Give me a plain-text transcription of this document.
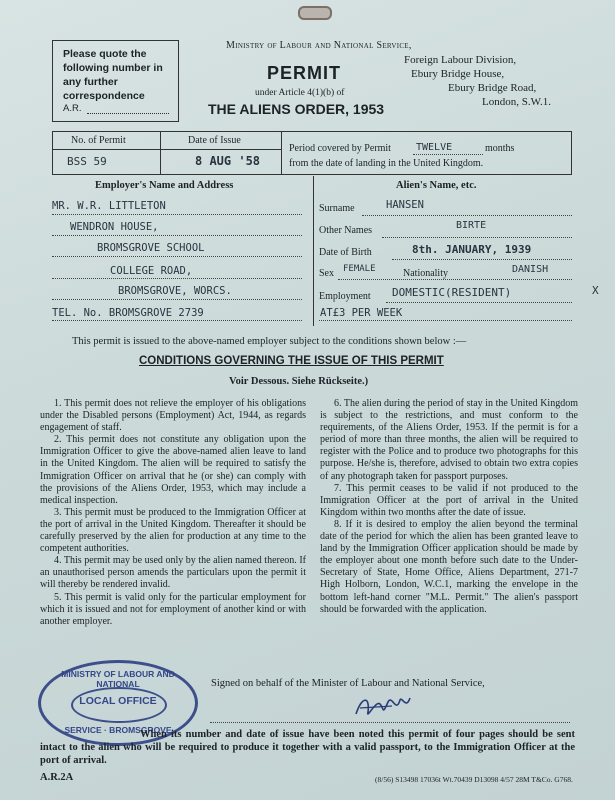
Please quote the following number in any further correspondence
A.R.
Ministry of Labour and National Service,
Foreign Labour Division,
Ebury Bridge House,
Ebury Bridge Road,
London, S.W.1.
PERMIT
under Article 4(1)(b) of
THE ALIENS ORDER, 1953
No. of Permit	Date of Issue
BSS 59	8 AUG '58
Period covered by Permit	TWELVE	months
from the date of landing in the United Kingdom.
Employer's Name and Address
MR. W.R. LITTLETON
WENDRON HOUSE,
BROMSGROVE SCHOOL
COLLEGE ROAD,
BROMSGROVE, WORCS.
TEL. No. BROMSGROVE 2739
Alien's Name, etc.
Surname	HANSEN
Other Names	BIRTE
Date of Birth	8th. JANUARY, 1939
Sex FEMALE	Nationality	DANISH
Employment DOMESTIC(RESIDENT)	X
AT£3 PER WEEK
This permit is issued to the above-named employer subject to the conditions shown below :—
CONDITIONS GOVERNING THE ISSUE OF THIS PERMIT
Voir Dessous. Siehe Rückseite.)

1. This permit does not relieve the employer of his obligations under the Disabled persons (Employment) Act, 1944, as regards engagement of staff.

2. This permit does not constitute any obligation upon the Immigration Officer to give the above-named alien leave to land in the United Kingdom. The alien will be required to satisfy the Immigration Officer on arrival that he (or she) can comply with the provisions of the Aliens Order, 1953, which may include a medical inspection.

3. This permit must be produced to the Immigration Officer at the port of arrival in the United Kingdom. Thereafter it should be carefully preserved by the alien for production at any time to the competent authorities.

4. This permit may be used only by the alien named thereon. If an unauthorised person amends the particulars upon the permit it will thereby be rendered invalid.

5. This permit is valid only for the particular employment for which it is issued and not for employment of another kind or with another employer.

6. The alien during the period of stay in the United Kingdom is subject to the restrictions, and must conform to the requirements, of the Aliens Order, 1953. If the permit is for a period of more than three months, the alien will be required to register with the Police and to produce two photographs for this purpose. He/she is, therefore, advised to obtain two extra copies of any photograph taken for passport purposes.

7. This permit ceases to be valid if not produced to the Immigration Officer at the port of arrival in the United Kingdom within two months after the date of issue.

8. If it is desired to employ the alien beyond the terminal date of the period for which the alien has been granted leave to land by the Immigration Officer application should be made by the employer about one month before such date to the Under-Secretary of State, Home Office, Aliens Department, 271-7 High Holborn, London, W.C.1, marking the envelope in the bottom left-hand corner "M.L. Permit." The alien's passport should be forwarded with the application.

Signed on behalf of the Minister of Labour and National Service,
MINISTRY OF LABOUR AND NATIONAL
LOCAL OFFICE
SERVICE · BROMSGROVE
When its number and date of issue have been noted this permit of four pages should be sent intact to the alien who will be required to produce it together with a valid passport, to the Immigration Officer at the port of arrival.
A.R.2A	(8/56) S13498 17036t Wt.70439 D13098 4/57 28M T&Co. G768.
